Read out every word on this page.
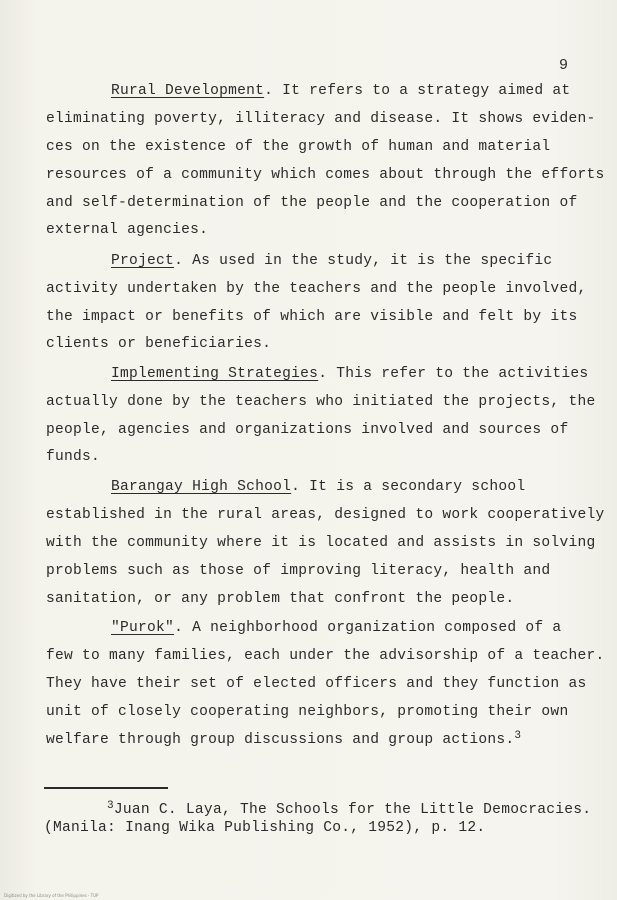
9
Rural Development. It refers to a strategy aimed at
eliminating poverty, illiteracy and disease. It shows eviden-
ces on the existence of the growth of human and material
resources of a community which comes about through the efforts
and self-determination of the people and the cooperation of
external agencies.
Project. As used in the study, it is the specific
activity undertaken by the teachers and the people involved,
the impact or benefits of which are visible and felt by its
clients or beneficiaries.
Implementing Strategies. This refer to the activities
actually done by the teachers who initiated the projects, the
people, agencies and organizations involved and sources of
funds.
Barangay High School. It is a secondary school
established in the rural areas, designed to work cooperatively
with the community where it is located and assists in solving
problems such as those of improving literacy, health and
sanitation, or any problem that confront the people.
"Purok". A neighborhood organization composed of a
few to many families, each under the advisorship of a teacher.
They have their set of elected officers and they function as
unit of closely cooperating neighbors, promoting their own
welfare through group discussions and group actions.$^3$
$^3$Juan C. Laya, The Schools for the Little Democracies.
(Manila: Inang Wika Publishing Co., 1952), p. 12.
Digitized by the Library of the Philippines - TUP
